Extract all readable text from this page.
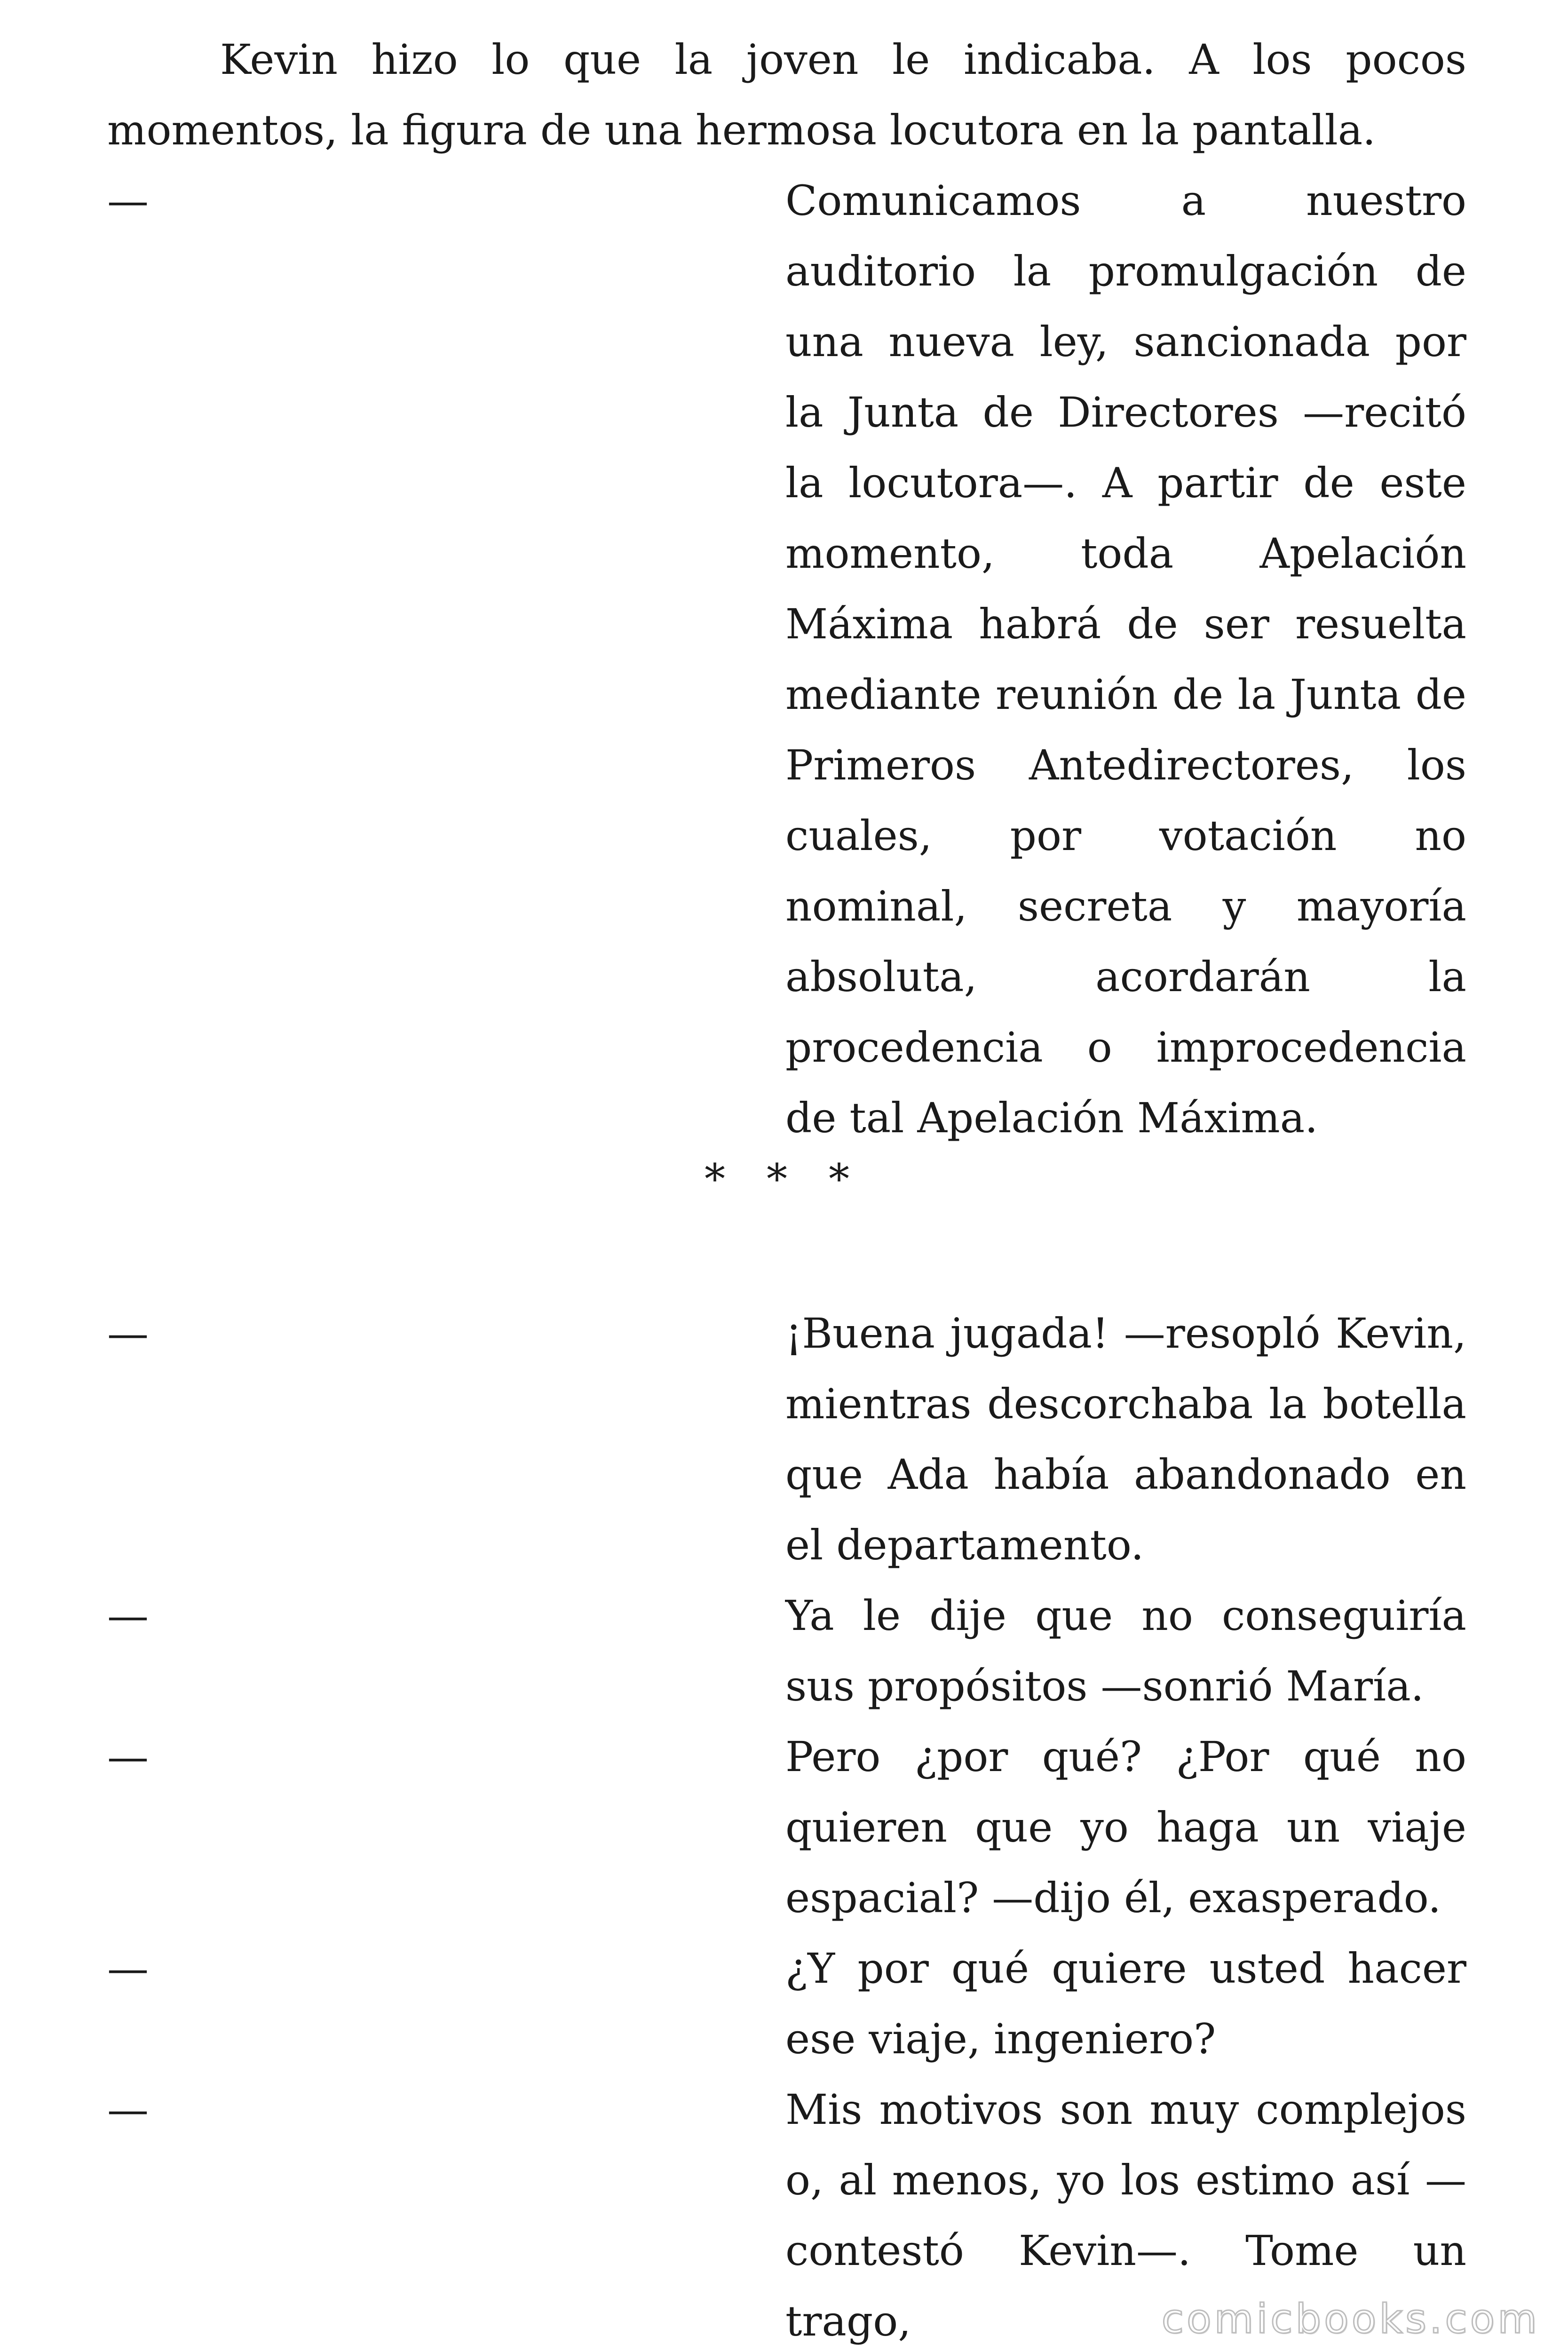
Kevin hizo lo que la joven le indicaba. A los pocos momentos, la figura de una hermosa locutora en la pantalla.

—	Comunicamos a nuestro auditorio la promulgación de una nueva ley, sancionada por la Junta de Directores —recitó la locutora—. A partir de este momento, toda Apelación Máxima habrá de ser resuelta mediante reunión de la Junta de Primeros Antedirectores, los cuales, por votación no nominal, secreta y mayoría absoluta, acordarán la procedencia o improcedencia de tal Apelación Máxima.

* * *
—	¡Buena jugada! —resopló Kevin, mientras descorchaba la botella que Ada había abandonado en el departamento.

—	Ya le dije que no conseguiría sus propósitos —sonrió María.

—	Pero ¿por qué? ¿Por qué no quieren que yo haga un viaje espacial? —dijo él, exasperado.

—	¿Y por qué quiere usted hacer ese viaje, ingeniero?

—	Mis motivos son muy complejos o, al menos, yo los estimo así —contestó Kevin—. Tome un trago,	comicbooks.com
